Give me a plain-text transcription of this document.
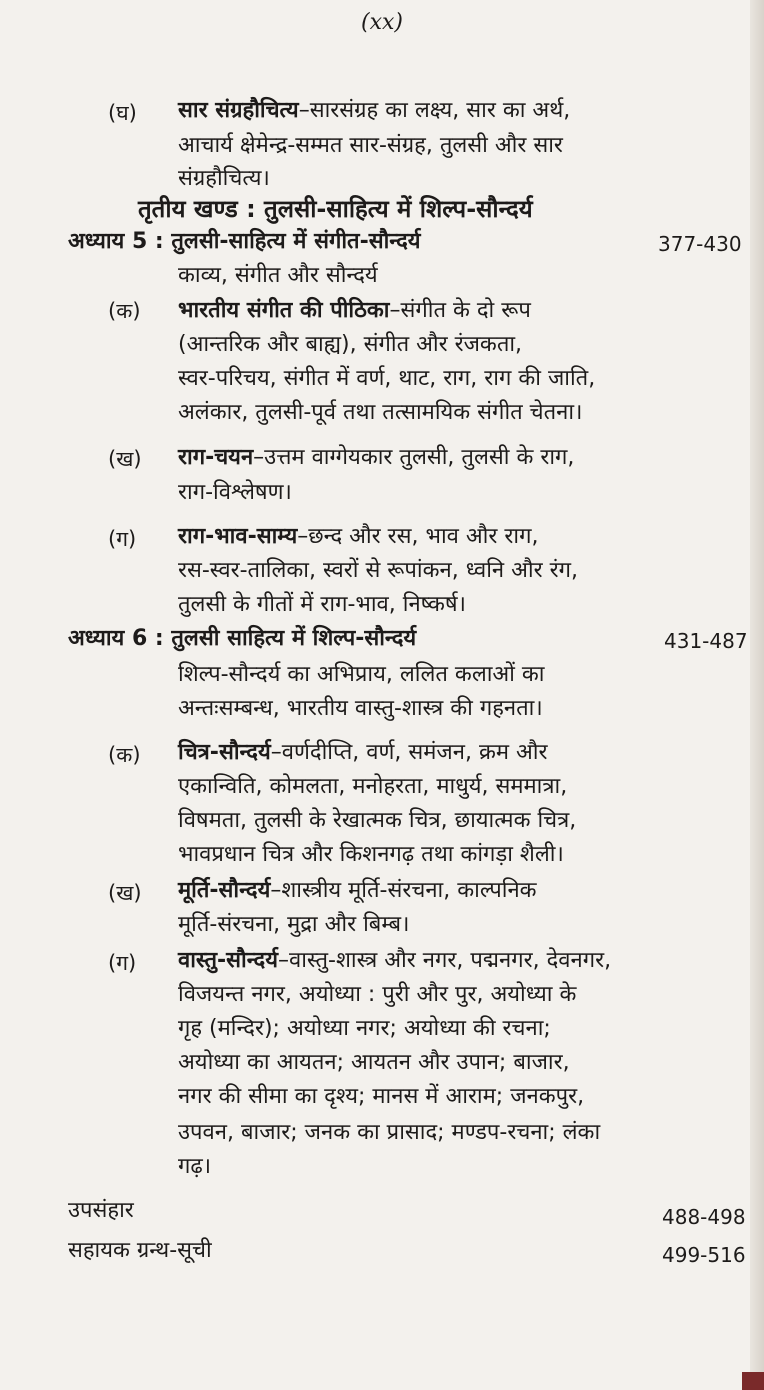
(xx)
(घ) सार संग्रहौचित्य–सारसंग्रह का लक्ष्य, सार का अर्थ,
आचार्य क्षेमेन्द्र-सम्मत सार-संग्रह, तुलसी और सार
संग्रहौचित्य।
तृतीय खण्ड : तुलसी-साहित्य में शिल्प-सौन्दर्य
अध्याय 5 : तुलसी-साहित्य में संगीत-सौन्दर्य	377-430
काव्य, संगीत और सौन्दर्य
(क) भारतीय संगीत की पीठिका–संगीत के दो रूप
(आन्तरिक और बाह्य), संगीत और रंजकता,
स्वर-परिचय, संगीत में वर्ण, थाट, राग, राग की जाति,
अलंकार, तुलसी-पूर्व तथा तत्सामयिक संगीत चेतना।
(ख) राग-चयन–उत्तम वाग्गेयकार तुलसी, तुलसी के राग,
राग-विश्लेषण।
(ग) राग-भाव-साम्य–छन्द और रस, भाव और राग,
रस-स्वर-तालिका, स्वरों से रूपांकन, ध्वनि और रंग,
तुलसी के गीतों में राग-भाव, निष्कर्ष।
अध्याय 6 : तुलसी साहित्य में शिल्प-सौन्दर्य	431-487
शिल्प-सौन्दर्य का अभिप्राय, ललित कलाओं का
अन्तःसम्बन्ध, भारतीय वास्तु-शास्त्र की गहनता।
(क) चित्र-सौन्दर्य–वर्णदीप्ति, वर्ण, समंजन, क्रम और
एकान्विति, कोमलता, मनोहरता, माधुर्य, सममात्रा,
विषमता, तुलसी के रेखात्मक चित्र, छायात्मक चित्र,
भावप्रधान चित्र और किशनगढ़ तथा कांगड़ा शैली।
(ख) मूर्ति-सौन्दर्य–शास्त्रीय मूर्ति-संरचना, काल्पनिक
मूर्ति-संरचना, मुद्रा और बिम्ब।
(ग) वास्तु-सौन्दर्य–वास्तु-शास्त्र और नगर, पद्मनगर, देवनगर,
विजयन्त नगर, अयोध्या : पुरी और पुर, अयोध्या के
गृह (मन्दिर); अयोध्या नगर; अयोध्या की रचना;
अयोध्या का आयतन; आयतन और उपान; बाजार,
नगर की सीमा का दृश्य; मानस में आराम; जनकपुर,
उपवन, बाजार; जनक का प्रासाद; मण्डप-रचना; लंका
गढ़।
उपसंहार	488-498
सहायक ग्रन्थ-सूची	499-516
